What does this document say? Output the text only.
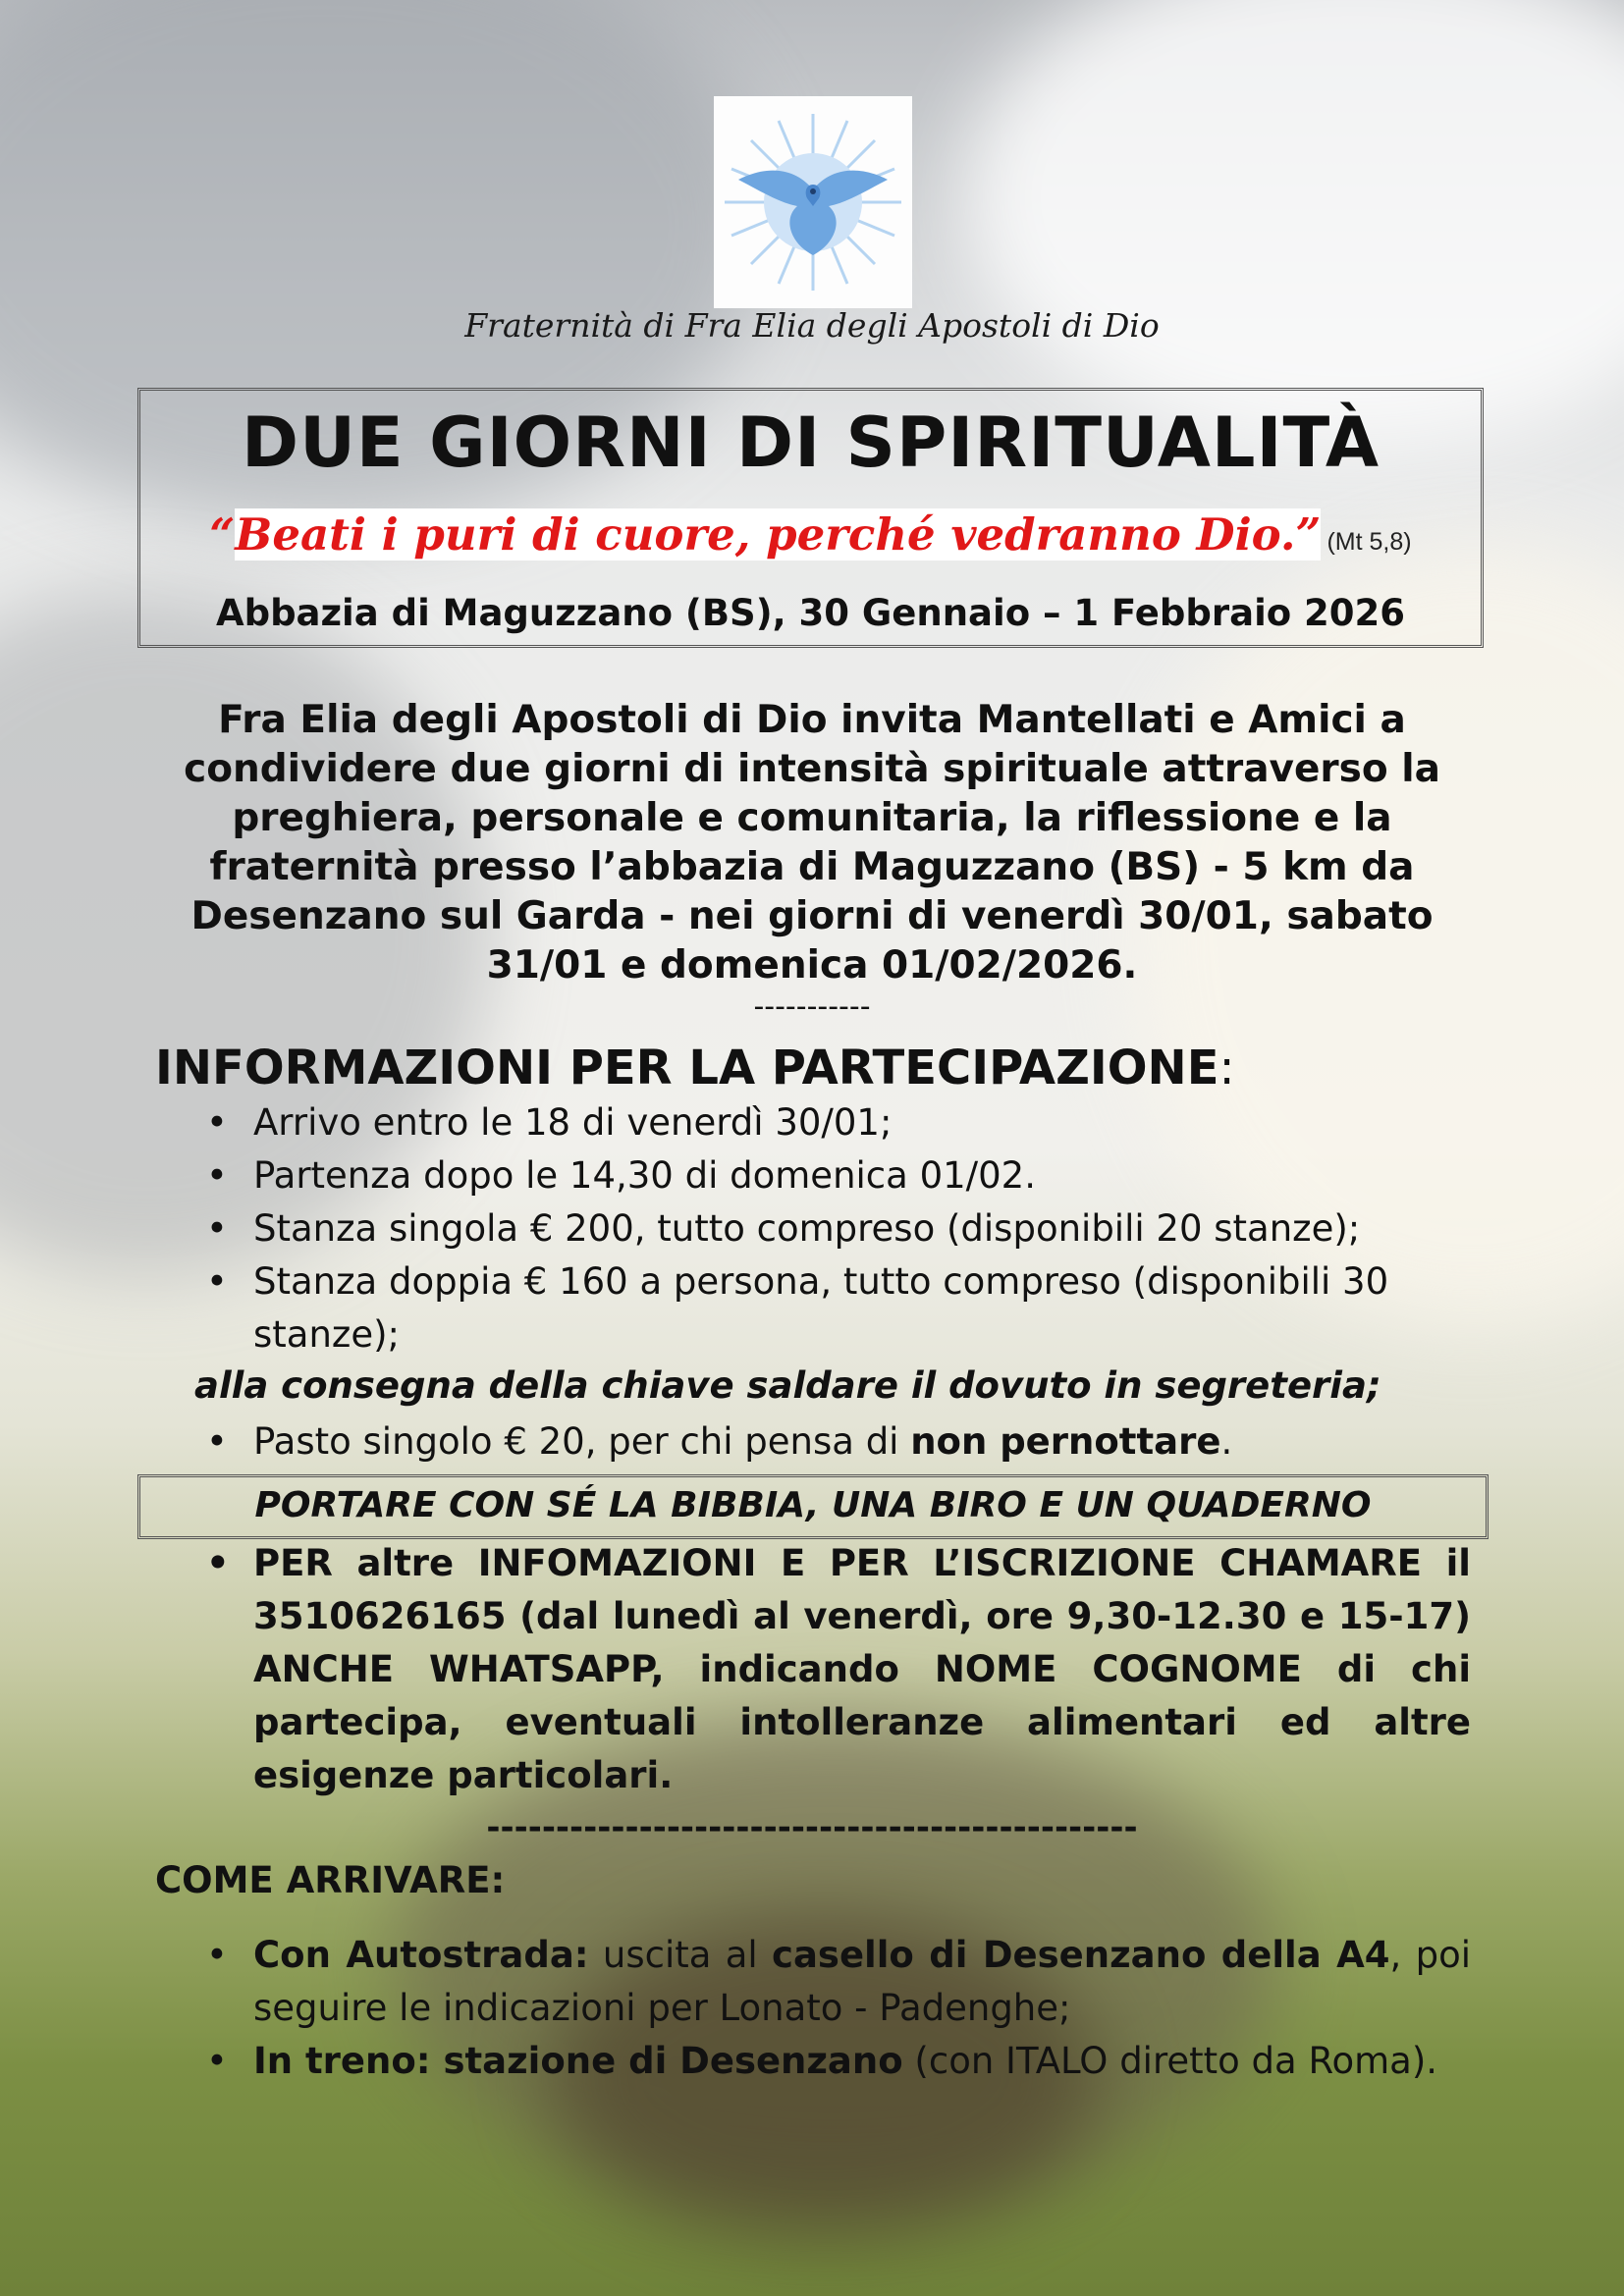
Fraternità di Fra Elia degli Apostoli di Dio
DUE GIORNI DI SPIRITUALITÀ
“Beati i puri di cuore, perché vedranno Dio.” (Mt 5,8)
Abbazia di Maguzzano (BS), 30 Gennaio – 1 Febbraio 2026

Fra Elia degli Apostoli di Dio invita Mantellati e Amici a condividere due giorni di intensità spirituale attraverso la preghiera, personale e comunitaria, la riflessione e la fraternità presso l’abbazia di Maguzzano (BS) - 5 km da Desenzano sul Garda - nei giorni di venerdì 30/01, sabato 31/01 e domenica 01/02/2026.

-----------
INFORMAZIONI PER LA PARTECIPAZIONE:
• Arrivo entro le 18 di venerdì 30/01;
• Partenza dopo le 14,30 di domenica 01/02.
• Stanza singola € 200, tutto compreso (disponibili 20 stanze);
• Stanza doppia € 160 a persona, tutto compreso (disponibili 30 stanze);
alla consegna della chiave saldare il dovuto in segreteria;
• Pasto singolo € 20, per chi pensa di non pernottare.
PORTARE CON SÉ LA BIBBIA, UNA BIRO E UN QUADERNO
• PER altre INFOMAZIONI E PER L’ISCRIZIONE CHAMARE il 3510626165 (dal lunedì al venerdì, ore 9,30-12.30 e 15-17) ANCHE WHATSAPP, indicando NOME COGNOME di chi partecipa, eventuali intolleranze alimentari ed altre esigenze particolari.
-----------------------------------------------
COME ARRIVARE:
• Con Autostrada: uscita al casello di Desenzano della A4, poi seguire le indicazioni per Lonato - Padenghe;
• In treno: stazione di Desenzano (con ITALO diretto da Roma).
